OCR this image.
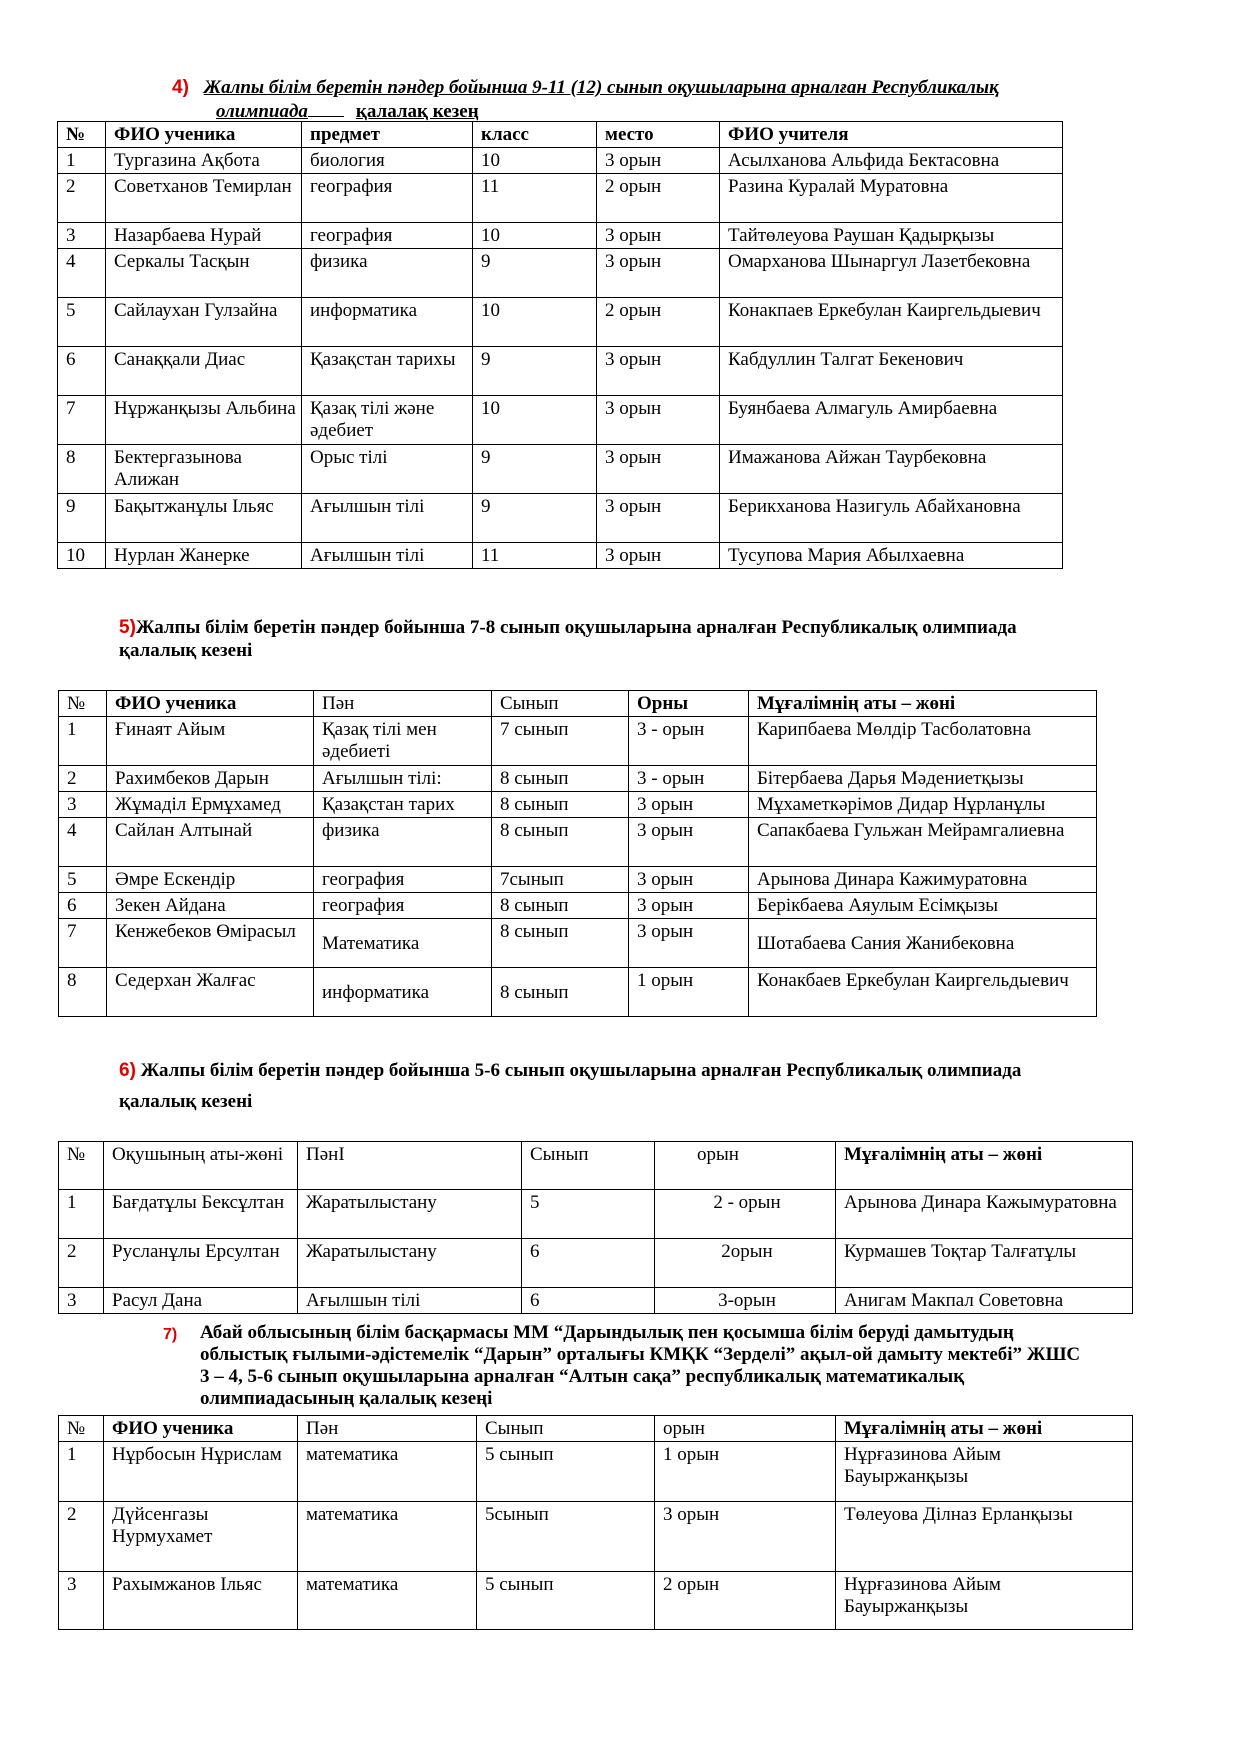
4) Жалпы білім беретін пәндер бойынша 9-11 (12) сынып оқушыларына арналған Республикалық
олимпиада	қалалақ кезең
№	ФИО ученика	предмет	класс	место	ФИО учителя
1	Тургазина Ақбота	биология	10	3 орын	Асылханова Альфида Бектасовна
2	Советханов Темирлан	география	11	2 орын	Разина Куралай Муратовна
3	Назарбаева Нурай	география	10	3 орын	Тайтөлеуова Раушан Қадырқызы
4	Серкалы Тасқын	физика	9	3 орын	Омарханова Шынаргул Лазетбековна
5	Сайлаухан Гулзайна	информатика	10	2 орын	Конакпаев Еркебулан Каиргельдыевич
6	Санаққали Диас	Қазақстан тарихы	9	3 орын	Кабдуллин Талгат Бекенович
7	Нұржанқызы Альбина	Қазақ тілі және әдебиет	10	3 орын	Буянбаева Алмагуль Амирбаевна
8	Бектергазынова Алижан	Орыс тілі	9	3 орын	Имажанова Айжан Таурбековна
9	Бақытжанұлы Ільяс	Ағылшын тілі	9	3 орын	Берикханова Назигуль Абайхановна
10	Нурлан Жанерке	Ағылшын тілі	11	3 орын	Тусупова Мария Абылхаевна
5)Жалпы білім беретін пәндер бойынша 7-8 сынып оқушыларына арналған Республикалық олимпиада
қалалық кезені
№	ФИО ученика	Пән	Сынып	Орны	Мұғалімнің аты – жөні
1	Ғинаят Айым	Қазақ тілі мен әдебиеті	7 сынып	3 - орын	Карипбаева Мөлдір Тасболатовна
2	Рахимбеков Дарын	Ағылшын тілі:	8 сынып	3 - орын	Бітербаева Дарья Мәдениетқызы
3	Жұмаділ Ермұхамед	Қазақстан тарих	8 сынып	3 орын	Мұхаметкәрімов Дидар Нұрланұлы
4	Сайлан Алтынай	физика	8 сынып	3 орын	Сапакбаева Гульжан Мейрамгалиевна
5	Әмре Ескендір	география	7сынып	3 орын	Арынова Динара Кажимуратовна
6	Зекен Айдана	география	8 сынып	3 орын	Берікбаева Аяулым Есімқызы
7	Кенжебеков Өмірасыл	Математика	8 сынып	3 орын	Шотабаева Сания Жанибековна
8	Седерхан Жалғас	информатика	8 сынып	1 орын	Конакбаев Еркебулан Каиргельдыевич
6) Жалпы білім беретін пәндер бойынша 5-6 сынып оқушыларына арналған Республикалық олимпиада
қалалық кезені
№	Оқушының аты-жөні	ПәнІ	Сынып	орын	Мұғалімнің аты – жөні
1	Бағдатұлы Бексұлтан	Жаратылыстану	5	2 - орын	Арынова Динара Кажымуратовна
2	Русланұлы Ерсултан	Жаратылыстану	6	2орын	Курмашев Тоқтар Талғатұлы
3	Расул Дана	Ағылшын тілі	6	3-орын	Анигам Макпал Советовна
7)	Абай облысының білім басқармасы ММ “Дарындылық пен қосымша білім беруді дамытудың
облыстық ғылыми-әдістемелік “Дарын” орталығы КМҚК “Зерделі” ақыл-ой дамыту мектебі” ЖШС
3 – 4, 5-6 сынып оқушыларына арналған “Алтын сақа” республикалық математикалық
олимпиадасының қалалық кезеңі
№	ФИО ученика	Пән	Сынып	орын	Мұғалімнің аты – жөні
1	Нұрбосын Нұрислам	математика	5 сынып	1 орын	Нұрғазинова Айым Бауыржанқызы
2	Дүйсенгазы Нурмухамет	математика	5сынып	3 орын	Төлеуова Ділназ Ерланқызы
3	Рахымжанов Ільяс	математика	5 сынып	2 орын	Нұрғазинова Айым Бауыржанқызы
